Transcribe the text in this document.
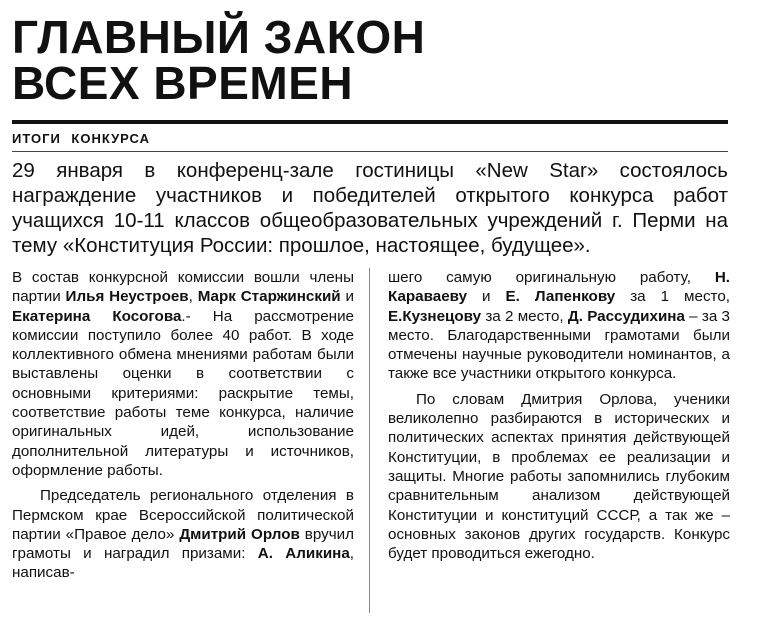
ГЛАВНЫЙ ЗАКОН
ВСЕХ ВРЕМЕН
ИТОГИ КОНКУРСА

29 января в конференц-зале гостиницы «New Star» состоялось награждение участников и победителей открытого конкурса работ учащихся 10-11 классов общеобразовательных учреждений г. Перми на тему «Конституция России: прошлое, настоящее, будущее».

В состав конкурсной комиссии вошли члены партии Илья Неустроев, Марк Старжинский и Екатерина Косогова.- На рассмотрение комиссии поступило более 40 работ. В ходе коллективного обмена мнениями работам были выставлены оценки в соответствии с основными критериями: раскрытие темы, соответствие работы теме конкурса, наличие оригинальных идей, использование дополнительной литературы и источников, оформление работы.

Председатель регионального отделения в Пермском крае Всероссийской политической партии «Правое дело» Дмитрий Орлов вручил грамоты и наградил призами: А. Аликина, написав-

шего самую оригинальную работу, Н. Караваеву и Е. Лапенкову за 1 место, Е.Кузнецову за 2 место, Д. Рассудихина – за 3 место. Благодарственными грамотами были отмечены научные руководители номинантов, а также все участники открытого конкурса.

По словам Дмитрия Орлова, ученики великолепно разбираются в исторических и политических аспектах принятия действующей Конституции, в проблемах ее реализации и защиты. Многие работы запомнились глубоким сравнительным анализом действующей Конституции и конституций СССР, а так же – основных законов других государств. Конкурс будет проводиться ежегодно.
